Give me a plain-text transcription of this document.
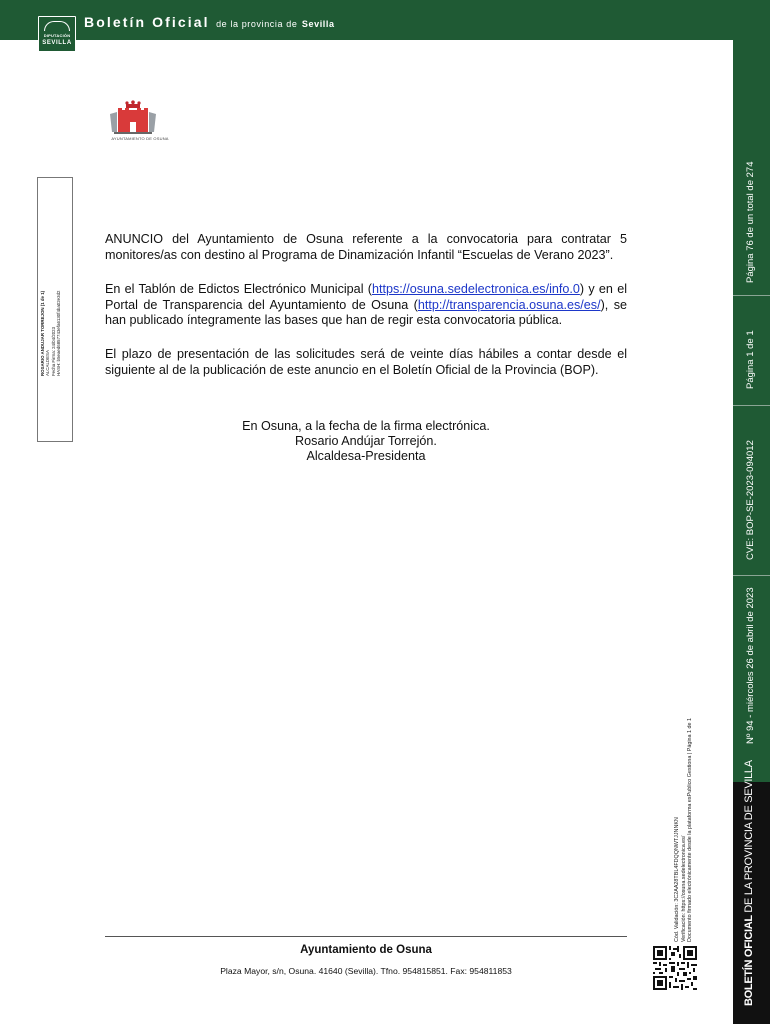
DIPUTACIÓN
SEVILLA
Boletín Oficial de la provincia de Sevilla
Página 76 de un total de 274
Página 1 de 1
CVE: BOP-SE-2023-094012
Nº 94 - miércoles 26 de abril de 2023
BOLETÍN OFICIAL DE LA PROVINCIA DE SEVILLA
ROSARIO ANDUJAR TORREJON (1 de 1) ALCALDESA Fecha Firma: 24/04/2023 HASH: b5eaed6857743efa6130f4ba02e3d2
AYUNTAMIENTO DE OSUNA

ANUNCIO del Ayuntamiento de Osuna referente a la convocatoria para contratar 5 monitores/as con destino al Programa de Dinamización Infantil “Escuelas de Verano 2023”.

En el Tablón de Edictos Electrónico Municipal (https://osuna.sedelectronica.es/info.0) y en el Portal de Transparencia del Ayuntamiento de Osuna (http://transparencia.osuna.es/es/), se han publicado íntegramente las bases que han de regir esta convocatoria pública.

El plazo de presentación de las solicitudes será de veinte días hábiles a contar desde el siguiente al de la publicación de este anuncio en el Boletín Oficial de la Provincia (BOP).

En Osuna, a la fecha de la firma electrónica.
Rosario Andújar Torrejón.
Alcaldesa-Presidenta
Ayuntamiento de Osuna
Plaza Mayor, s/n, Osuna. 41640 (Sevilla). Tfno. 954815851. Fax: 954811853
Cód. Validación: 3C2AA28TBL4FDQQNWTJJNNKN Verificación: https://osuna.sedelectronica.es/ Documento firmado electrónicamente desde la plataforma esPublico Gestiona | Página 1 de 1
